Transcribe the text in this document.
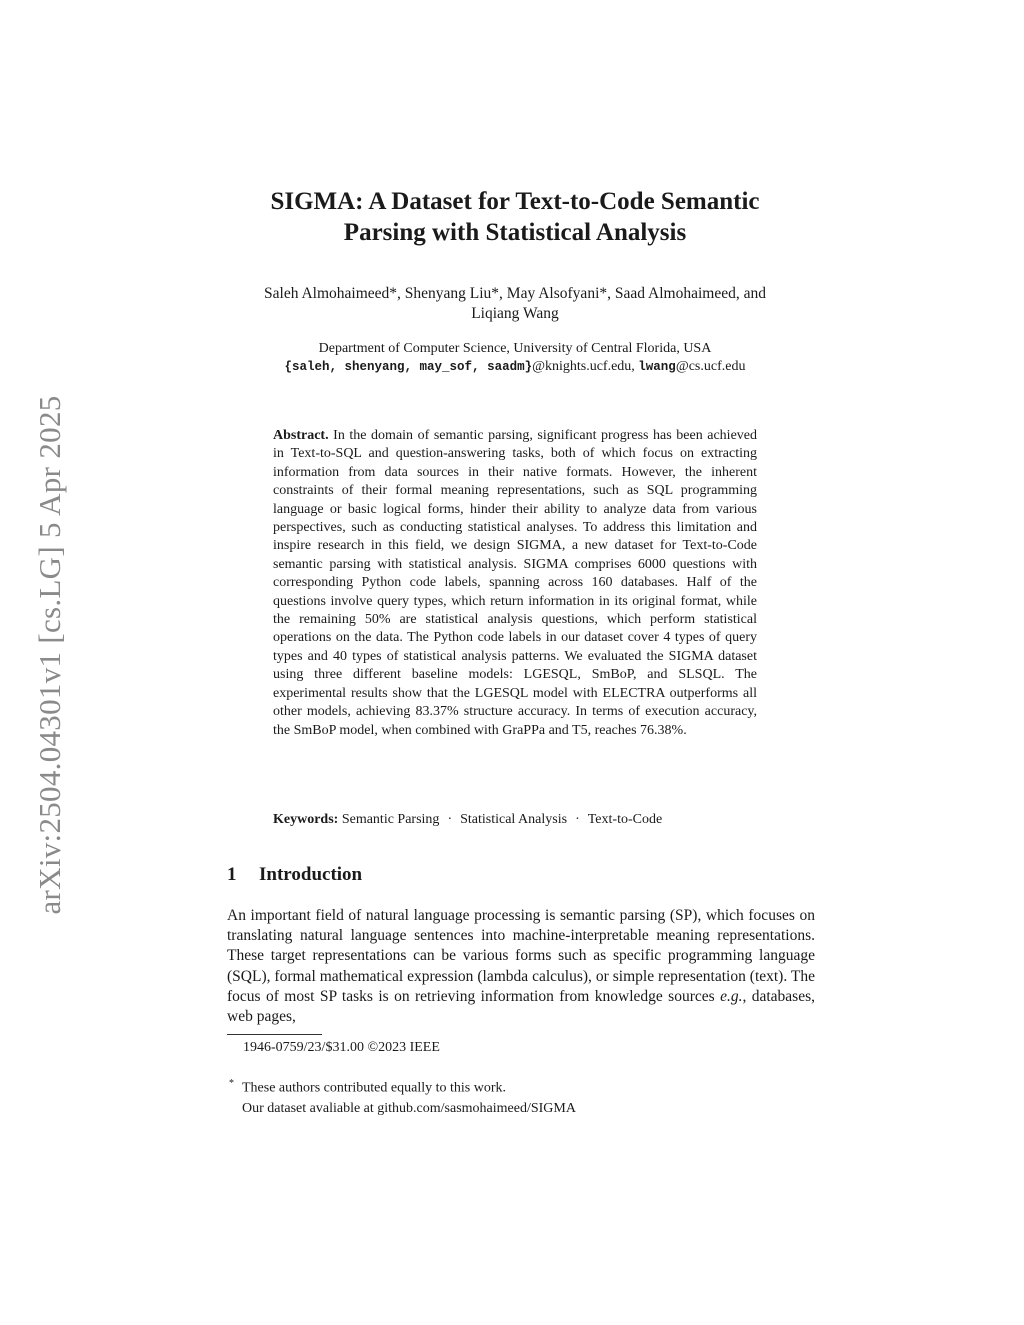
arXiv:2504.04301v1 [cs.LG] 5 Apr 2025
SIGMA: A Dataset for Text-to-Code Semantic
Parsing with Statistical Analysis
Saleh Almohaimeed*, Shenyang Liu*, May Alsofyani*, Saad Almohaimeed, and
Liqiang Wang
Department of Computer Science, University of Central Florida, USA
{saleh, shenyang, may_sof, saadm}@knights.ucf.edu, lwang@cs.ucf.edu
Abstract. In the domain of semantic parsing, significant progress has been achieved in Text-to-SQL and question-answering tasks, both of which focus on extracting information from data sources in their native formats. However, the inherent constraints of their formal meaning representations, such as SQL programming language or basic logical forms, hinder their ability to analyze data from various perspectives, such as conducting statistical analyses. To address this limitation and inspire research in this field, we design SIGMA, a new dataset for Text-to-Code semantic parsing with statistical analysis. SIGMA comprises 6000 questions with corresponding Python code labels, spanning across 160 databases. Half of the questions involve query types, which return information in its original format, while the remaining 50% are statistical analysis questions, which perform statistical operations on the data. The Python code labels in our dataset cover 4 types of query types and 40 types of statistical analysis patterns. We evaluated the SIGMA dataset using three different baseline models: LGESQL, SmBoP, and SLSQL. The experimental results show that the LGESQL model with ELECTRA outperforms all other models, achieving 83.37% structure accuracy. In terms of execution accuracy, the SmBoP model, when combined with GraPPa and T5, reaches 76.38%.
Keywords: Semantic Parsing · Statistical Analysis · Text-to-Code
1 Introduction
An important field of natural language processing is semantic parsing (SP), which focuses on translating natural language sentences into machine-interpretable meaning representations. These target representations can be various forms such as specific programming language (SQL), formal mathematical expression (lambda calculus), or simple representation (text). The focus of most SP tasks is on retrieving information from knowledge sources e.g., databases, web pages,
1946-0759/23/$31.00 ©2023 IEEE
* These authors contributed equally to this work.
Our dataset avaliable at github.com/sasmohaimeed/SIGMA
